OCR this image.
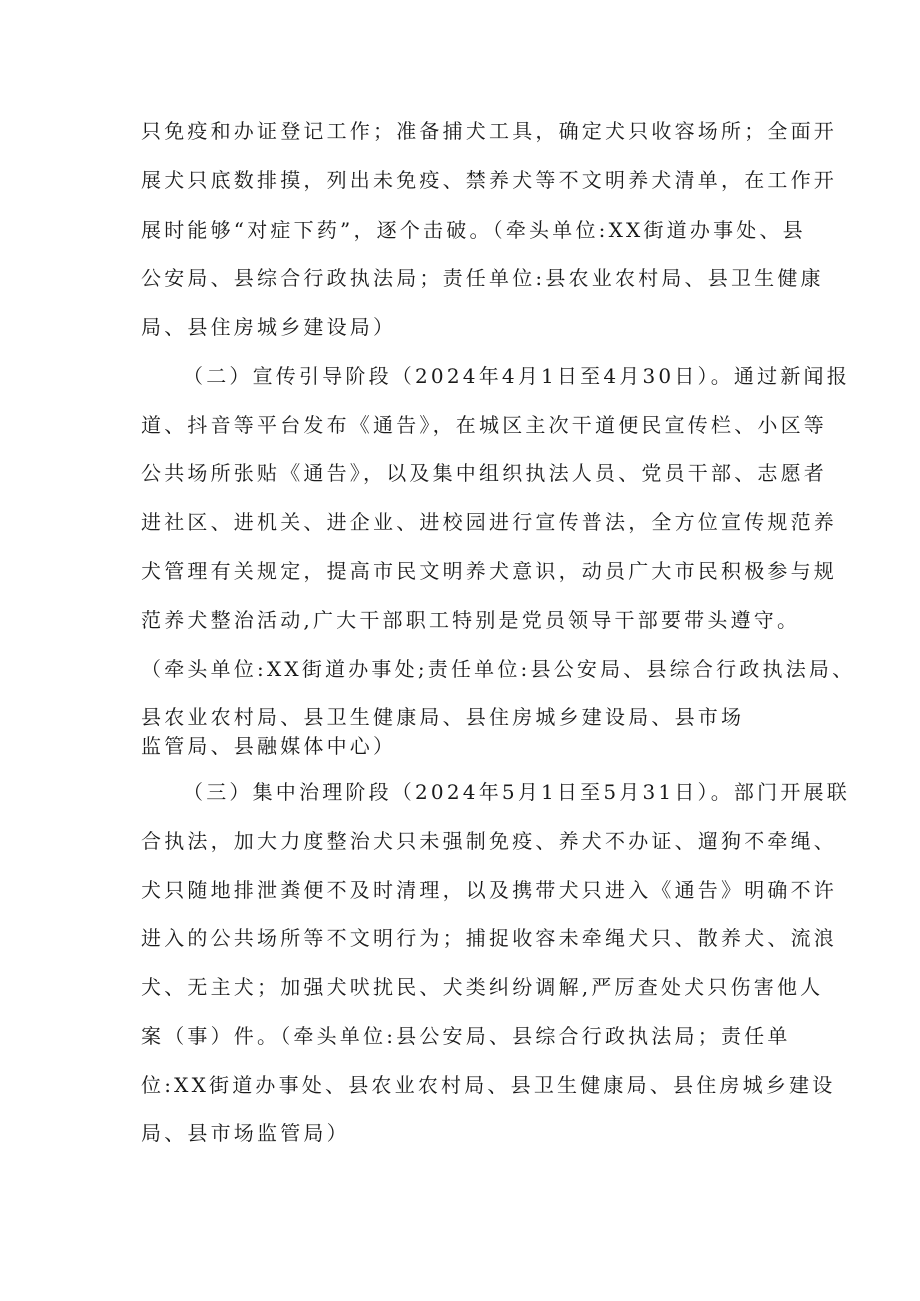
只免疫和办证登记工作；准备捕犬工具，确定犬只收容场所；全面开
展犬只底数排摸，列出未免疫、禁养犬等不文明养犬清单，在工作开
展时能够“对症下药”，逐个击破。（牵头单位:XX街道办事处、县
公安局、县综合行政执法局；责任单位:县农业农村局、县卫生健康
局、县住房城乡建设局）
（二）宣传引导阶段（2024年4月1日至4月30日）。通过新闻报
道、抖音等平台发布《通告》，在城区主次干道便民宣传栏、小区等
公共场所张贴《通告》，以及集中组织执法人员、党员干部、志愿者
进社区、进机关、进企业、进校园进行宣传普法，全方位宣传规范养
犬管理有关规定，提高市民文明养犬意识，动员广大市民积极参与规
范养犬整治活动,广大干部职工特别是党员领导干部要带头遵守。
（牵头单位:XX街道办事处;责任单位:县公安局、县综合行政执法局、
县农业农村局、县卫生健康局、县住房城乡建设局、县市场
监管局、县融媒体中心）
（三）集中治理阶段（2024年5月1日至5月31日）。部门开展联
合执法，加大力度整治犬只未强制免疫、养犬不办证、遛狗不牵绳、
犬只随地排泄粪便不及时清理，以及携带犬只进入《通告》明确不许
进入的公共场所等不文明行为；捕捉收容未牵绳犬只、散养犬、流浪
犬、无主犬；加强犬吠扰民、犬类纠纷调解,严厉查处犬只伤害他人
案（事）件。（牵头单位:县公安局、县综合行政执法局；责任单
位:XX街道办事处、县农业农村局、县卫生健康局、县住房城乡建设
局、县市场监管局）
